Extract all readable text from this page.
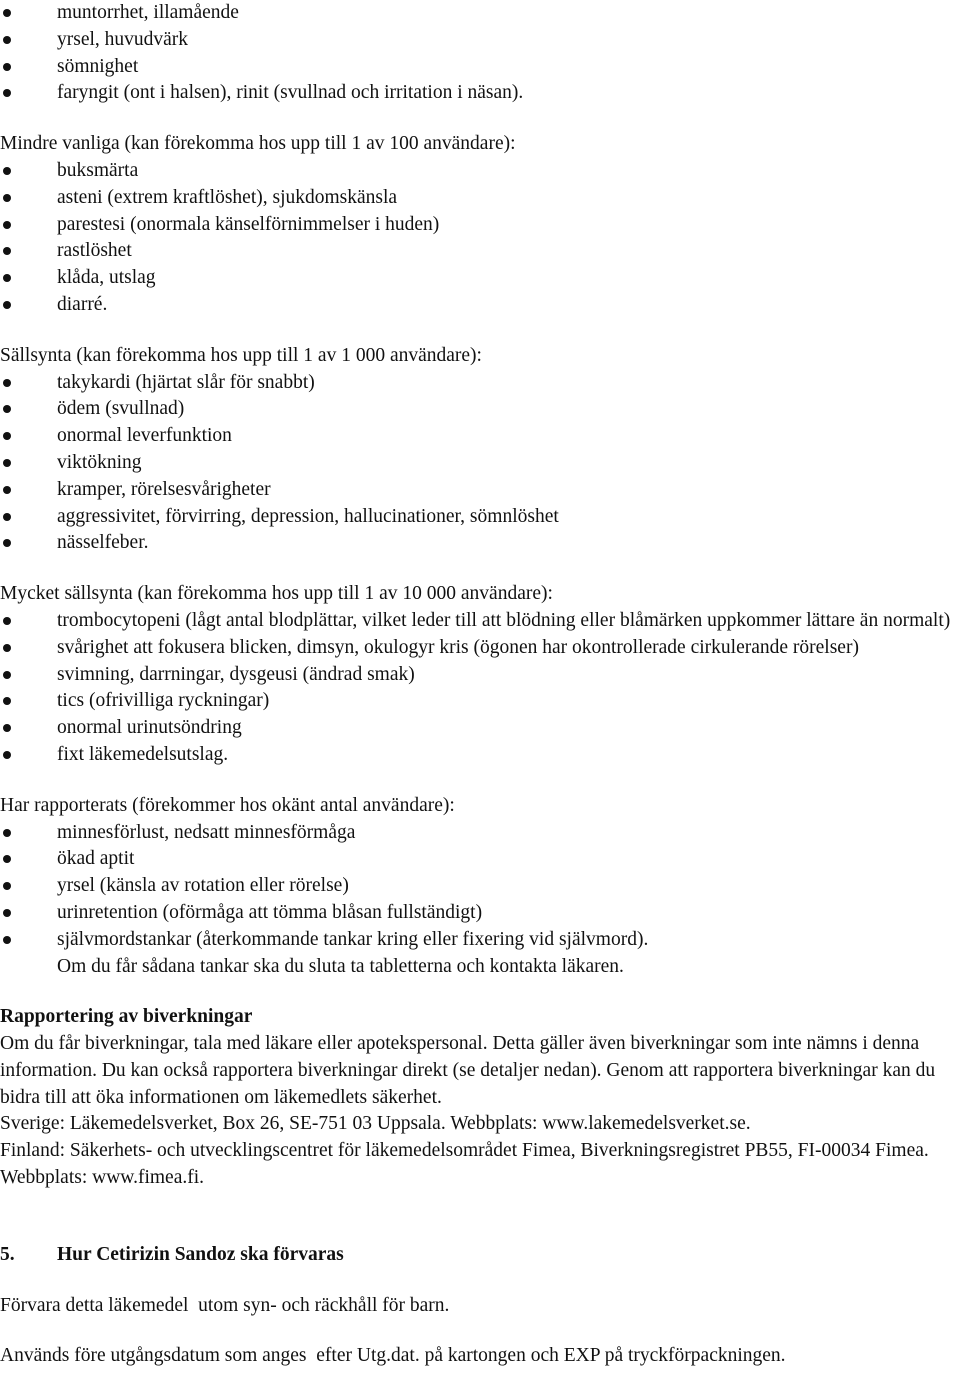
muntorrhet, illamående
yrsel, huvudvärk
sömnighet
faryngit (ont i halsen), rinit (svullnad och irritation i näsan).

Mindre vanliga (kan förekomma hos upp till 1 av 100 användare):

buksmärta
asteni (extrem kraftlöshet), sjukdomskänsla
parestesi (onormala känselförnimmelser i huden)
rastlöshet
klåda, utslag
diarré.

Sällsynta (kan förekomma hos upp till 1 av 1 000 användare):

takykardi (hjärtat slår för snabbt)
ödem (svullnad)
onormal leverfunktion
viktökning
kramper, rörelsesvårigheter
aggressivitet, förvirring, depression, hallucinationer, sömnlöshet
nässelfeber.

Mycket sällsynta (kan förekomma hos upp till 1 av 10 000 användare):

trombocytopeni (lågt antal blodplättar, vilket leder till att blödning eller blåmärken uppkommer lättare än normalt)
svårighet att fokusera blicken, dimsyn, okulogyr kris (ögonen har okontrollerade cirkulerande rörelser)
svimning, darrningar, dysgeusi (ändrad smak)
tics (ofrivilliga ryckningar)
onormal urinutsöndring
fixt läkemedelsutslag.

Har rapporterats (förekommer hos okänt antal användare):

minnesförlust, nedsatt minnesförmåga
ökad aptit
yrsel (känsla av rotation eller rörelse)
urinretention (oförmåga att tömma blåsan fullständigt)
självmordstankar (återkommande tankar kring eller fixering vid självmord).

Om du får sådana tankar ska du sluta ta tabletterna och kontakta läkaren.

Rapportering av biverkningar

Om du får biverkningar, tala med läkare eller apotekspersonal. Detta gäller även biverkningar som inte nämns i denna information. Du kan också rapportera biverkningar direkt (se detaljer nedan). Genom att rapportera biverkningar kan du bidra till att öka informationen om läkemedlets säkerhet.

Sverige: Läkemedelsverket, Box 26, SE-751 03 Uppsala. Webbplats: www.lakemedelsverket.se.

Finland: Säkerhets- och utvecklingscentret för läkemedelsområdet Fimea, Biverkningsregistret PB55, FI-00034 Fimea. Webbplats: www.fimea.fi.

5.	Hur Cetirizin Sandoz ska förvaras

Förvara detta läkemedel  utom syn- och räckhåll för barn.

Används före utgångsdatum som anges  efter Utg.dat. på kartongen och EXP på tryckförpackningen.
